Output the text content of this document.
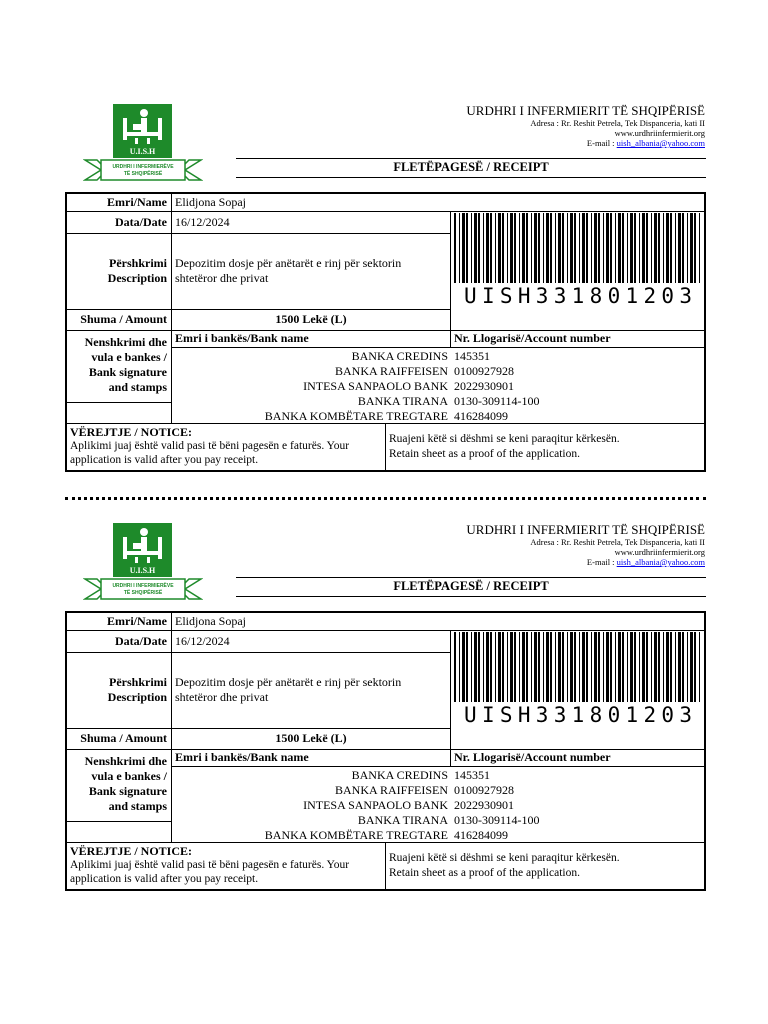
U.I.S.H
URDHRI I INFERMIERËVE
TË SHQIPËRISË
URDHRI I INFERMIERIT TË SHQIPËRISË
Adresa : Rr. Reshit Petrela, Tek Dispanceria, kati II
www.urdhriinfermierit.org
E-mail : uish_albania@yahoo.com
FLETËPAGESË / RECEIPT
Emri/Name Elidjona Sopaj
Data/Date 16/12/2024
Përshkrimi
Description
Depozitim dosje për anëtarët e rinj për sektorin shtetëror dhe privat
Shuma / Amount	1500 Lekë (L)
UISH331801203
Nenshkrimi dhe vula e bankes / Bank signature and stamps
Emri i bankës/Bank name	Nr. Llogarisë/Account number
BANKA CREDINS 145351
BANKA RAIFFEISEN 0100927928
INTESA SANPAOLO BANK 2022930901
BANKA TIRANA 0130-309114-100
BANKA KOMBËTARE TREGTARE 416284099
VËREJTJE / NOTICE:
Aplikimi juaj është valid pasi të bëni pagesën e faturës. Your application is valid after you pay receipt.
Ruajeni këtë si dëshmi se keni paraqitur kërkesën.
Retain sheet as a proof of the application.
U.I.S.H
URDHRI I INFERMIERËVE
TË SHQIPËRISË
URDHRI I INFERMIERIT TË SHQIPËRISË
Adresa : Rr. Reshit Petrela, Tek Dispanceria, kati II
www.urdhriinfermierit.org
E-mail : uish_albania@yahoo.com
FLETËPAGESË / RECEIPT
Emri/Name Elidjona Sopaj
Data/Date 16/12/2024
Përshkrimi
Description
Depozitim dosje për anëtarët e rinj për sektorin shtetëror dhe privat
Shuma / Amount	1500 Lekë (L)
UISH331801203
Nenshkrimi dhe vula e bankes / Bank signature and stamps
Emri i bankës/Bank name	Nr. Llogarisë/Account number
BANKA CREDINS 145351
BANKA RAIFFEISEN 0100927928
INTESA SANPAOLO BANK 2022930901
BANKA TIRANA 0130-309114-100
BANKA KOMBËTARE TREGTARE 416284099
VËREJTJE / NOTICE:
Aplikimi juaj është valid pasi të bëni pagesën e faturës. Your application is valid after you pay receipt.
Ruajeni këtë si dëshmi se keni paraqitur kërkesën.
Retain sheet as a proof of the application.
